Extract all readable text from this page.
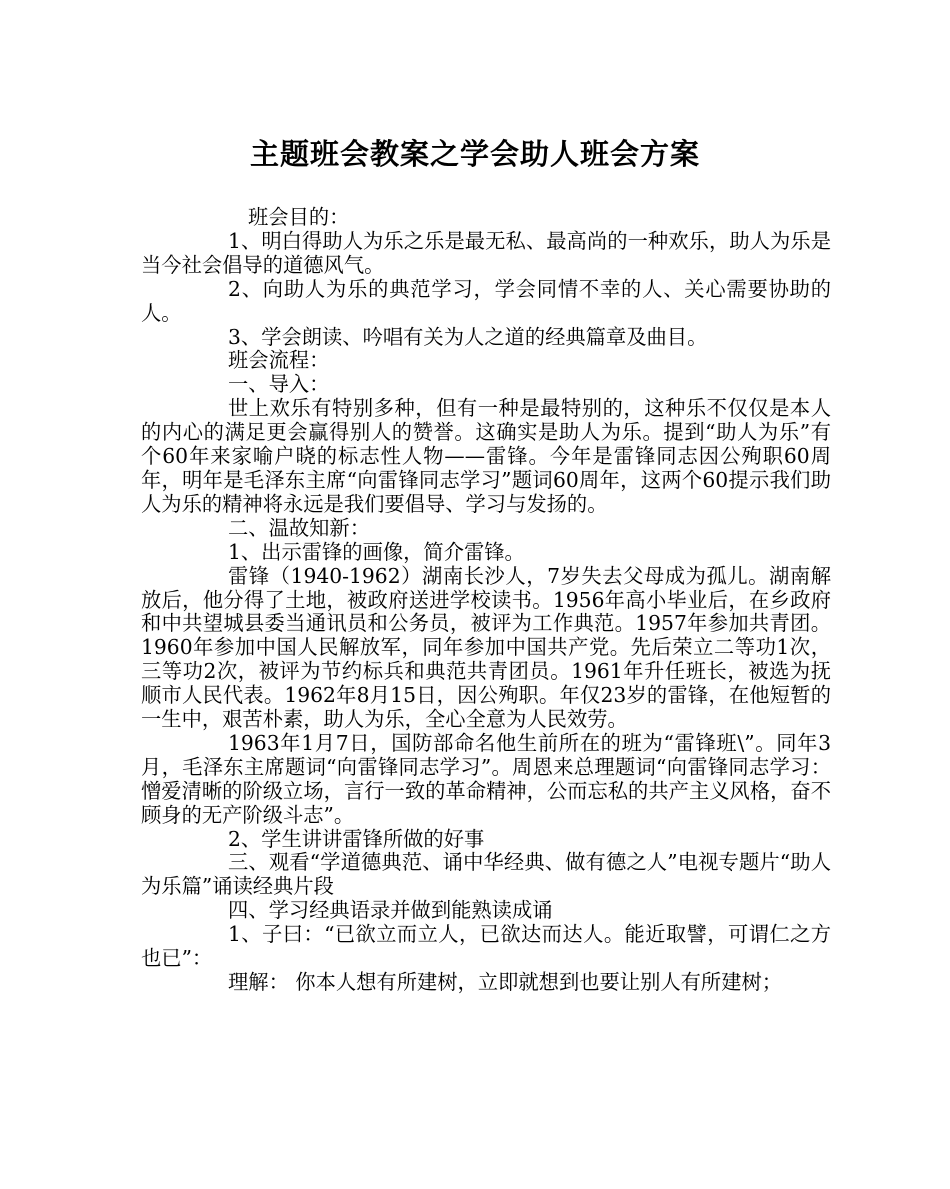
主题班会教案之学会助人班会方案

班会目的：

1、明白得助人为乐之乐是最无私、最高尚的一种欢乐，助人为乐是当今社会倡导的道德风气。

2、向助人为乐的典范学习，学会同情不幸的人、关心需要协助的人。

3、学会朗读、吟唱有关为人之道的经典篇章及曲目。

班会流程：

一、导入：

世上欢乐有特别多种，但有一种是最特别的，这种乐不仅仅是本人的内心的满足更会赢得别人的赞誉。这确实是助人为乐。提到“助人为乐”有个60年来家喻户晓的标志性人物——雷锋。今年是雷锋同志因公殉职60周年，明年是毛泽东主席“向雷锋同志学习”题词60周年，这两个60提示我们助人为乐的精神将永远是我们要倡导、学习与发扬的。

二、温故知新：

1、出示雷锋的画像，简介雷锋。

雷锋（1940-1962）湖南长沙人，7岁失去父母成为孤儿。湖南解放后，他分得了土地，被政府送进学校读书。1956年高小毕业后，在乡政府和中共望城县委当通讯员和公务员，被评为工作典范。1957年参加共青团。1960年参加中国人民解放军，同年参加中国共产党。先后荣立二等功1次，三等功2次，被评为节约标兵和典范共青团员。1961年升任班长，被选为抚顺市人民代表。1962年8月15日，因公殉职。年仅23岁的雷锋，在他短暂的一生中，艰苦朴素，助人为乐，全心全意为人民效劳。

1963年1月7日，国防部命名他生前所在的班为“雷锋班\”。同年3月，毛泽东主席题词“向雷锋同志学习”。周恩来总理题词“向雷锋同志学习：憎爱清晰的阶级立场，言行一致的革命精神，公而忘私的共产主义风格，奋不顾身的无产阶级斗志”。

2、学生讲讲雷锋所做的好事

三、观看“学道德典范、诵中华经典、做有德之人”电视专题片“助人为乐篇”诵读经典片段

四、学习经典语录并做到能熟读成诵

1、子曰：“已欲立而立人，已欲达而达人。能近取譬，可谓仁之方也已”：

理解： 你本人想有所建树，立即就想到也要让别人有所建树；
